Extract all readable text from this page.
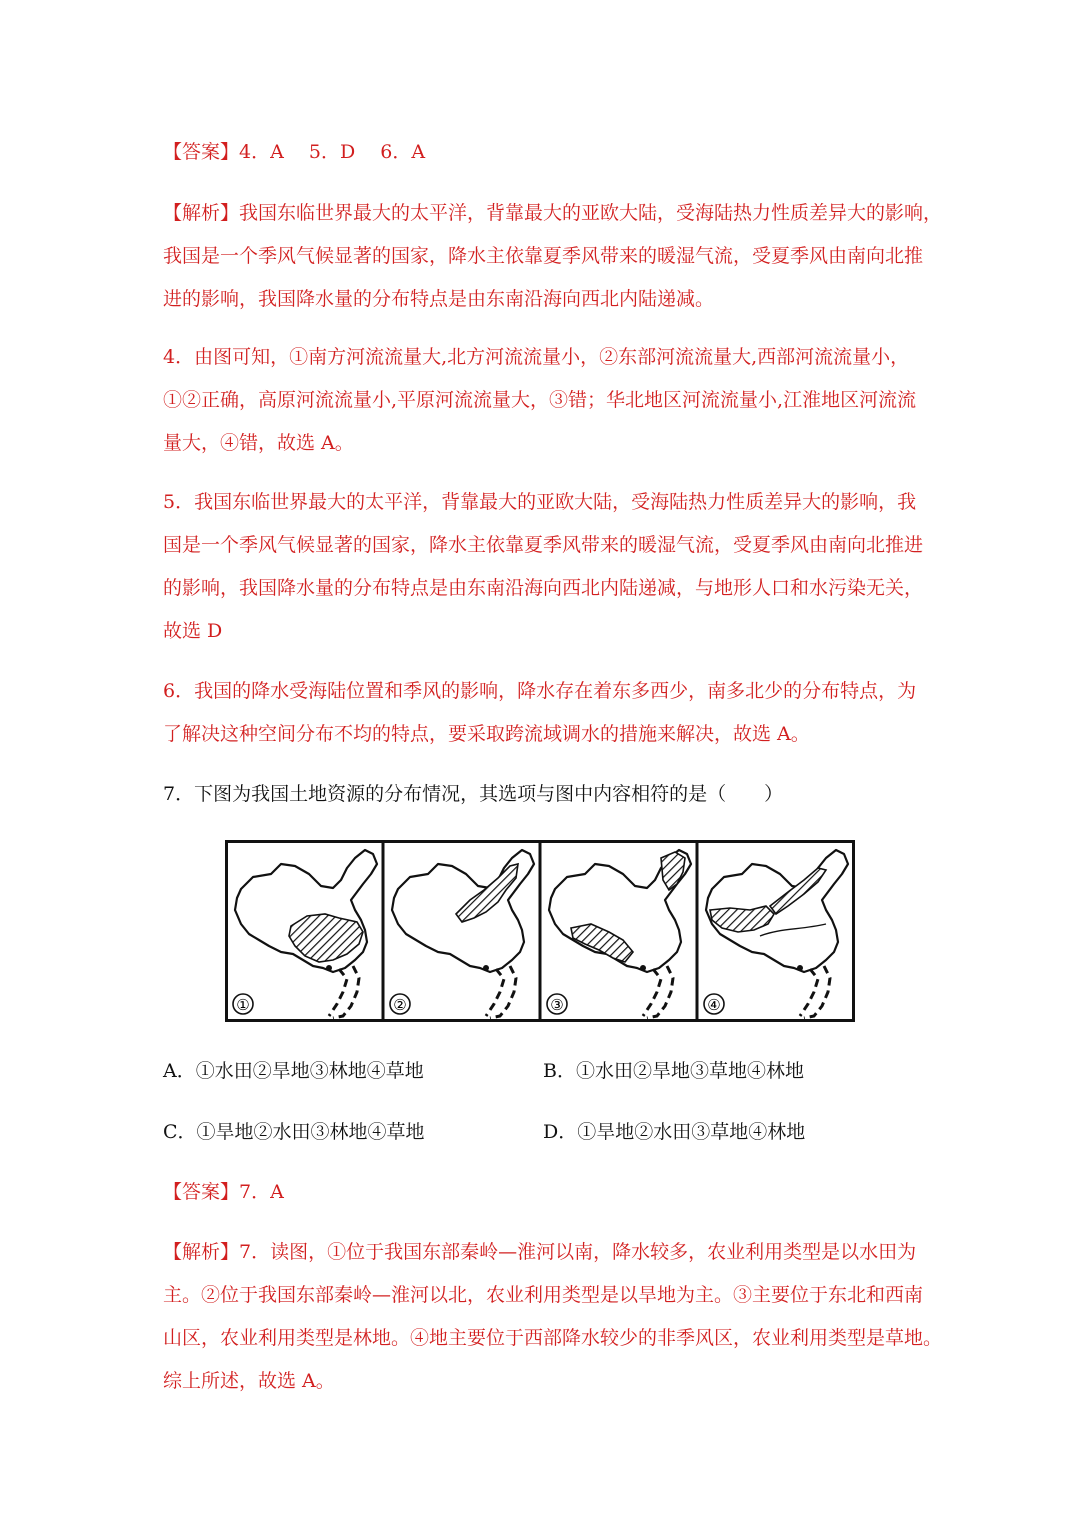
【答案】4．A　 5．D　 6．A
【解析】我国东临世界最大的太平洋，背靠最大的亚欧大陆，受海陆热力性质差异大的影响，
我国是一个季风气候显著的国家，降水主依靠夏季风带来的暖湿气流，受夏季风由南向北推
进的影响，我国降水量的分布特点是由东南沿海向西北内陆递减。
4．由图可知，①南方河流流量大,北方河流流量小，②东部河流流量大,西部河流流量小，
①②正确，高原河流流量小,平原河流流量大，③错；华北地区河流流量小,江淮地区河流流
量大，④错，故选 A。
5．我国东临世界最大的太平洋，背靠最大的亚欧大陆，受海陆热力性质差异大的影响，我
国是一个季风气候显著的国家，降水主依靠夏季风带来的暖湿气流，受夏季风由南向北推进
的影响，我国降水量的分布特点是由东南沿海向西北内陆递减，与地形人口和水污染无关，
故选 D
6．我国的降水受海陆位置和季风的影响，降水存在着东多西少，南多北少的分布特点，为
了解决这种空间分布不均的特点，要采取跨流域调水的措施来解决，故选 A。
7．下图为我国土地资源的分布情况，其选项与图中内容相符的是（　　）
①	②	③	④
A．①水田②旱地③林地④草地	B．①水田②旱地③草地④林地
C．①旱地②水田③林地④草地	D．①旱地②水田③草地④林地
【答案】7．A
【解析】7．读图，①位于我国东部秦岭—淮河以南，降水较多，农业利用类型是以水田为
主。②位于我国东部秦岭—淮河以北，农业利用类型是以旱地为主。③主要位于东北和西南
山区，农业利用类型是林地。④地主要位于西部降水较少的非季风区，农业利用类型是草地。
综上所述，故选 A。
